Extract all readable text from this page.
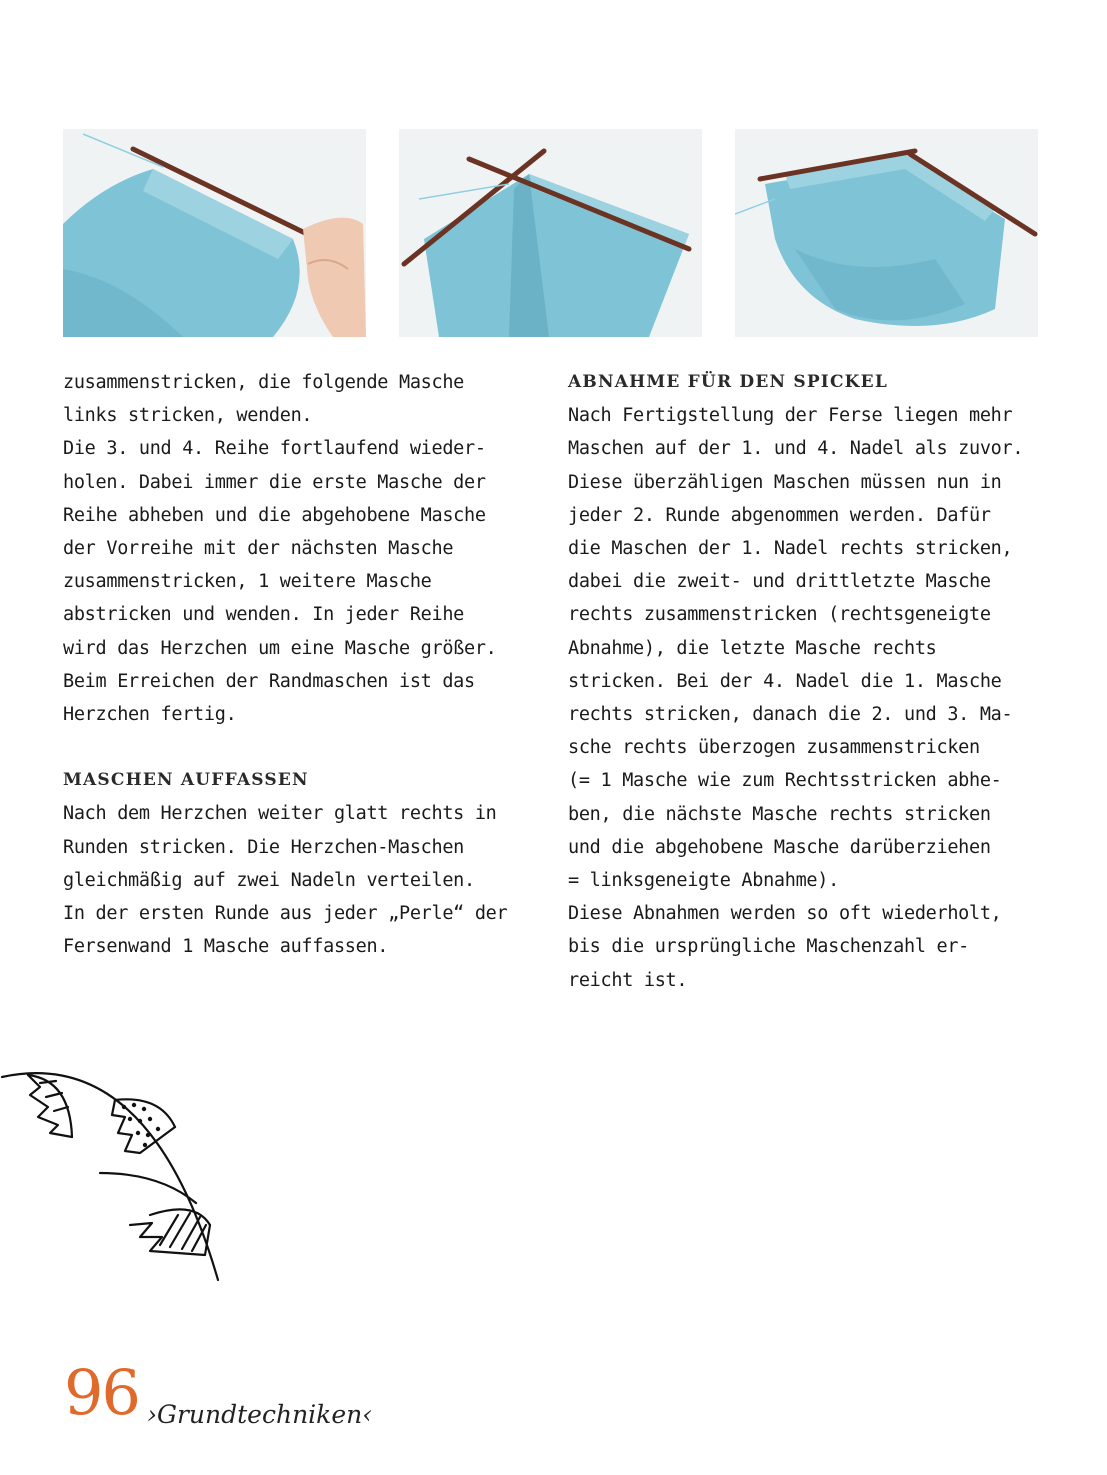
zusammenstricken, die folgende Masche
links stricken, wenden.
Die 3. und 4. Reihe fortlaufend wieder-
holen. Dabei immer die erste Masche der
Reihe abheben und die abgehobene Masche
der Vorreihe mit der nächsten Masche
zusammenstricken, 1 weitere Masche
abstricken und wenden. In jeder Reihe
wird das Herzchen um eine Masche größer.
Beim Erreichen der Randmaschen ist das
Herzchen fertig.

MASCHEN AUFFASSEN

Nach dem Herzchen weiter glatt rechts in
Runden stricken. Die Herzchen-Maschen
gleichmäßig auf zwei Nadeln verteilen.
In der ersten Runde aus jeder „Perle“ der
Fersenwand 1 Masche auffassen.

ABNAHME FÜR DEN SPICKEL

Nach Fertigstellung der Ferse liegen mehr
Maschen auf der 1. und 4. Nadel als zuvor.
Diese überzähligen Maschen müssen nun in
jeder 2. Runde abgenommen werden. Dafür
die Maschen der 1. Nadel rechts stricken,
dabei die zweit- und drittletzte Masche
rechts zusammenstricken (rechtsgeneigte
Abnahme), die letzte Masche rechts
stricken. Bei der 4. Nadel die 1. Masche
rechts stricken, danach die 2. und 3. Ma-
sche rechts überzogen zusammenstricken
(= 1 Masche wie zum Rechtsstricken abhe-
ben, die nächste Masche rechts stricken
und die abgehobene Masche darüberziehen
= linksgeneigte Abnahme).
Diese Abnahmen werden so oft wiederholt,
bis die ursprüngliche Maschenzahl er-
reicht ist.

96 ›Grundtechniken‹
